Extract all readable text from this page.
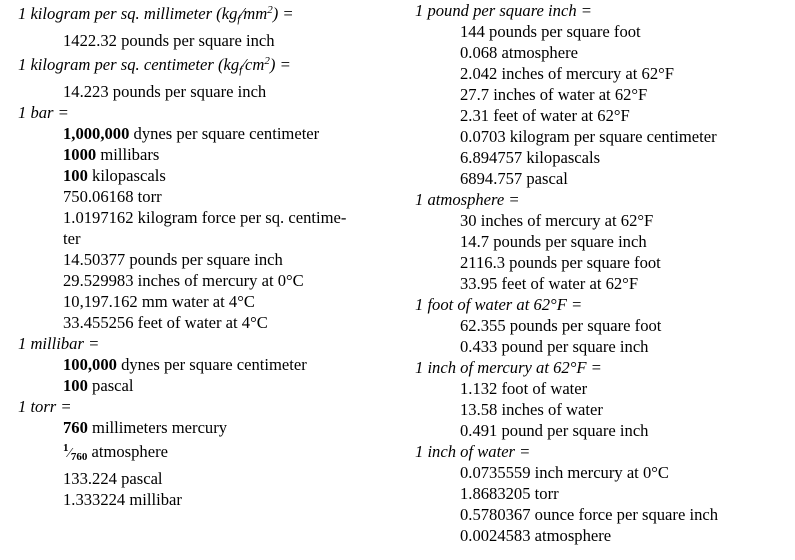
1 kilogram per sq. millimeter $(kg_f⁄mm^2)$ =
1422.32 pounds per square inch
1 kilogram per sq. centimeter $(kg_f⁄cm^2)$ =
14.223 pounds per square inch
1 bar =
1,000,000 dynes per square centimeter
1000 millibars
100 kilopascals
750.06168 torr
1.0197162 kilogram force per sq. centime-
ter
14.50377 pounds per square inch
29.529983 inches of mercury at 0°C
10,197.162 mm water at 4°C
33.455256 feet of water at 4°C
1 millibar =
100,000 dynes per square centimeter
100 pascal
1 torr =
760 millimeters mercury
$^1$⁄760 atmosphere
133.224 pascal
1.333224 millibar
1 pound per square inch =
144 pounds per square foot
0.068 atmosphere
2.042 inches of mercury at 62°F
27.7 inches of water at 62°F
2.31 feet of water at 62°F
0.0703 kilogram per square centimeter
6.894757 kilopascals
6894.757 pascal
1 atmosphere =
30 inches of mercury at 62°F
14.7 pounds per square inch
2116.3 pounds per square foot
33.95 feet of water at 62°F
1 foot of water at 62°F =
62.355 pounds per square foot
0.433 pound per square inch
1 inch of mercury at 62°F =
1.132 foot of water
13.58 inches of water
0.491 pound per square inch
1 inch of water =
0.0735559 inch mercury at 0°C
1.8683205 torr
0.5780367 ounce force per square inch
0.0024583 atmosphere
